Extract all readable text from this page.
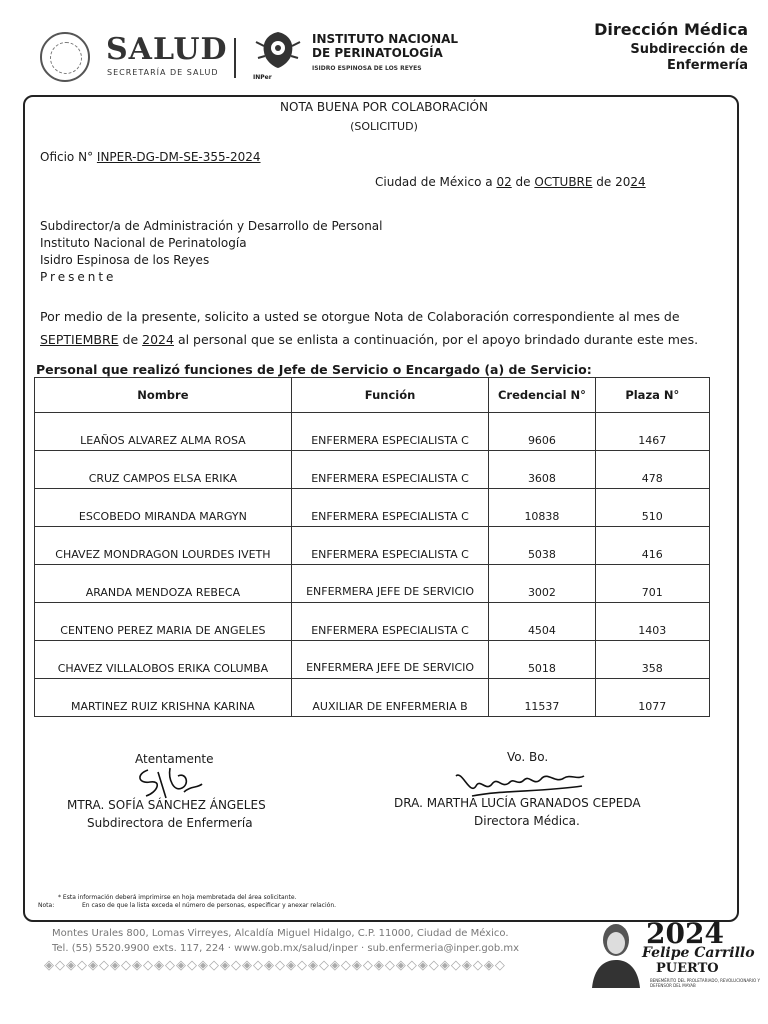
SALUD
SECRETARÍA DE SALUD
INPer
INSTITUTO NACIONAL
DE PERINATOLOGÍA
ISIDRO ESPINOSA DE LOS REYES
Dirección Médica
Subdirección de
Enfermería
NOTA BUENA POR COLABORACIÓN
(SOLICITUD)
Oficio N° INPER-DG-DM-SE-355-2024
Ciudad de México a 02 de OCTUBRE de 2024
Subdirector/a de Administración y Desarrollo de Personal
Instituto Nacional de Perinatología
Isidro Espinosa de los Reyes
Presente
Por medio de la presente, solicito a usted se otorgue Nota de Colaboración correspondiente al mes de
SEPTIEMBRE de 2024 al personal que se enlista a continuación, por el apoyo brindado durante este mes.
Personal que realizó funciones de Jefe de Servicio o Encargado (a) de Servicio:
Nombre	Función	Credencial N°	Plaza N°
LEAÑOS ALVAREZ ALMA ROSA	ENFERMERA ESPECIALISTA C	9606	1467
CRUZ CAMPOS ELSA ERIKA	ENFERMERA ESPECIALISTA C	3608	478
ESCOBEDO MIRANDA MARGYN	ENFERMERA ESPECIALISTA C	10838	510
CHAVEZ MONDRAGON LOURDES IVETH	ENFERMERA ESPECIALISTA C	5038	416
ARANDA MENDOZA REBECA	ENFERMERA JEFE DE SERVICIO	3002	701
CENTENO PEREZ MARIA DE ANGELES	ENFERMERA ESPECIALISTA C	4504	1403
CHAVEZ VILLALOBOS ERIKA COLUMBA	ENFERMERA JEFE DE SERVICIO	5018	358
MARTINEZ RUIZ KRISHNA KARINA	AUXILIAR DE ENFERMERIA B	11537	1077
Atentamente
MTRA. SOFÍA SÁNCHEZ ÁNGELES
Subdirectora de Enfermería
Vo. Bo.
DRA. MARTHA LUCÍA GRANADOS CEPEDA
Directora Médica.
* Esta información deberá imprimirse en hoja membretada del área solicitante.
Nota:	En caso de que la lista exceda el número de personas, especificar y anexar relación.
Montes Urales 800, Lomas Virreyes, Alcaldía Miguel Hidalgo, C.P. 11000, Ciudad de México.
Tel. (55) 5520.9900 exts. 117, 224 · www.gob.mx/salud/inper · sub.enfermeria@inper.gob.mx
◈◇◈◇◈◇◈◇◈◇◈◇◈◇◈◇◈◇◈◇◈◇◈◇◈◇◈◇◈◇◈◇◈◇◈◇◈◇◈◇◈◇
2024
Felipe Carrillo
PUERTO
BENEMÉRITO DEL PROLETARIADO, REVOLUCIONARIO Y DEFENSOR DEL MAYAB
